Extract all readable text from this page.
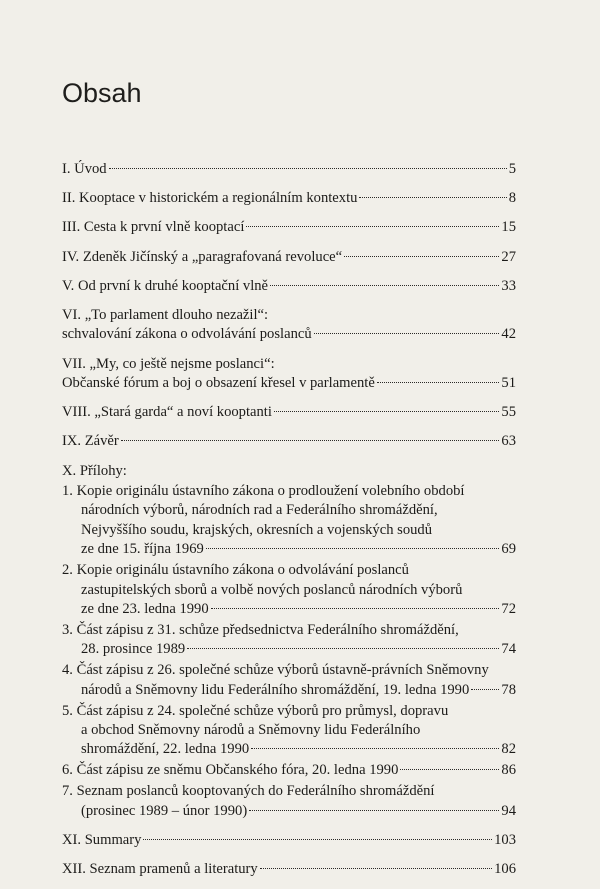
Obsah
I. Úvod	5
II. Kooptace v historickém a regionálním kontextu	8
III. Cesta k první vlně kooptací	15
IV. Zdeněk Jičínský a „paragrafovaná revoluce“	27
V. Od první k druhé kooptační vlně	33
VI. „To parlament dlouho nezažil“:
schvalování zákona o odvolávání poslanců	42
VII. „My, co ještě nejsme poslanci“:
Občanské fórum a boj o obsazení křesel v parlamentě	51
VIII. „Stará garda“ a noví kooptanti	55
IX. Závěr	63
X. Přílohy:
1. Kopie originálu ústavního zákona o prodloužení volebního období
národních výborů, národních rad a Federálního shromáždění,
Nejvyššího soudu, krajských, okresních a vojenských soudů
ze dne 15. října 1969	69
2. Kopie originálu ústavního zákona o odvolávání poslanců
zastupitelských sborů a volbě nových poslanců národních výborů
ze dne 23. ledna 1990	72
3. Část zápisu z 31. schůze předsednictva Federálního shromáždění,
28. prosince 1989	74
4. Část zápisu z 26. společné schůze výborů ústavně-právních Sněmovny
národů a Sněmovny lidu Federálního shromáždění, 19. ledna 1990 78
5. Část zápisu z 24. společné schůze výborů pro průmysl, dopravu
a obchod Sněmovny národů a Sněmovny lidu Federálního
shromáždění, 22. ledna 1990	82
6. Část zápisu ze sněmu Občanského fóra, 20. ledna 1990	86
7. Seznam poslanců kooptovaných do Federálního shromáždění
(prosinec 1989 – únor 1990)	94
XI. Summary	103
XII. Seznam pramenů a literatury	106
